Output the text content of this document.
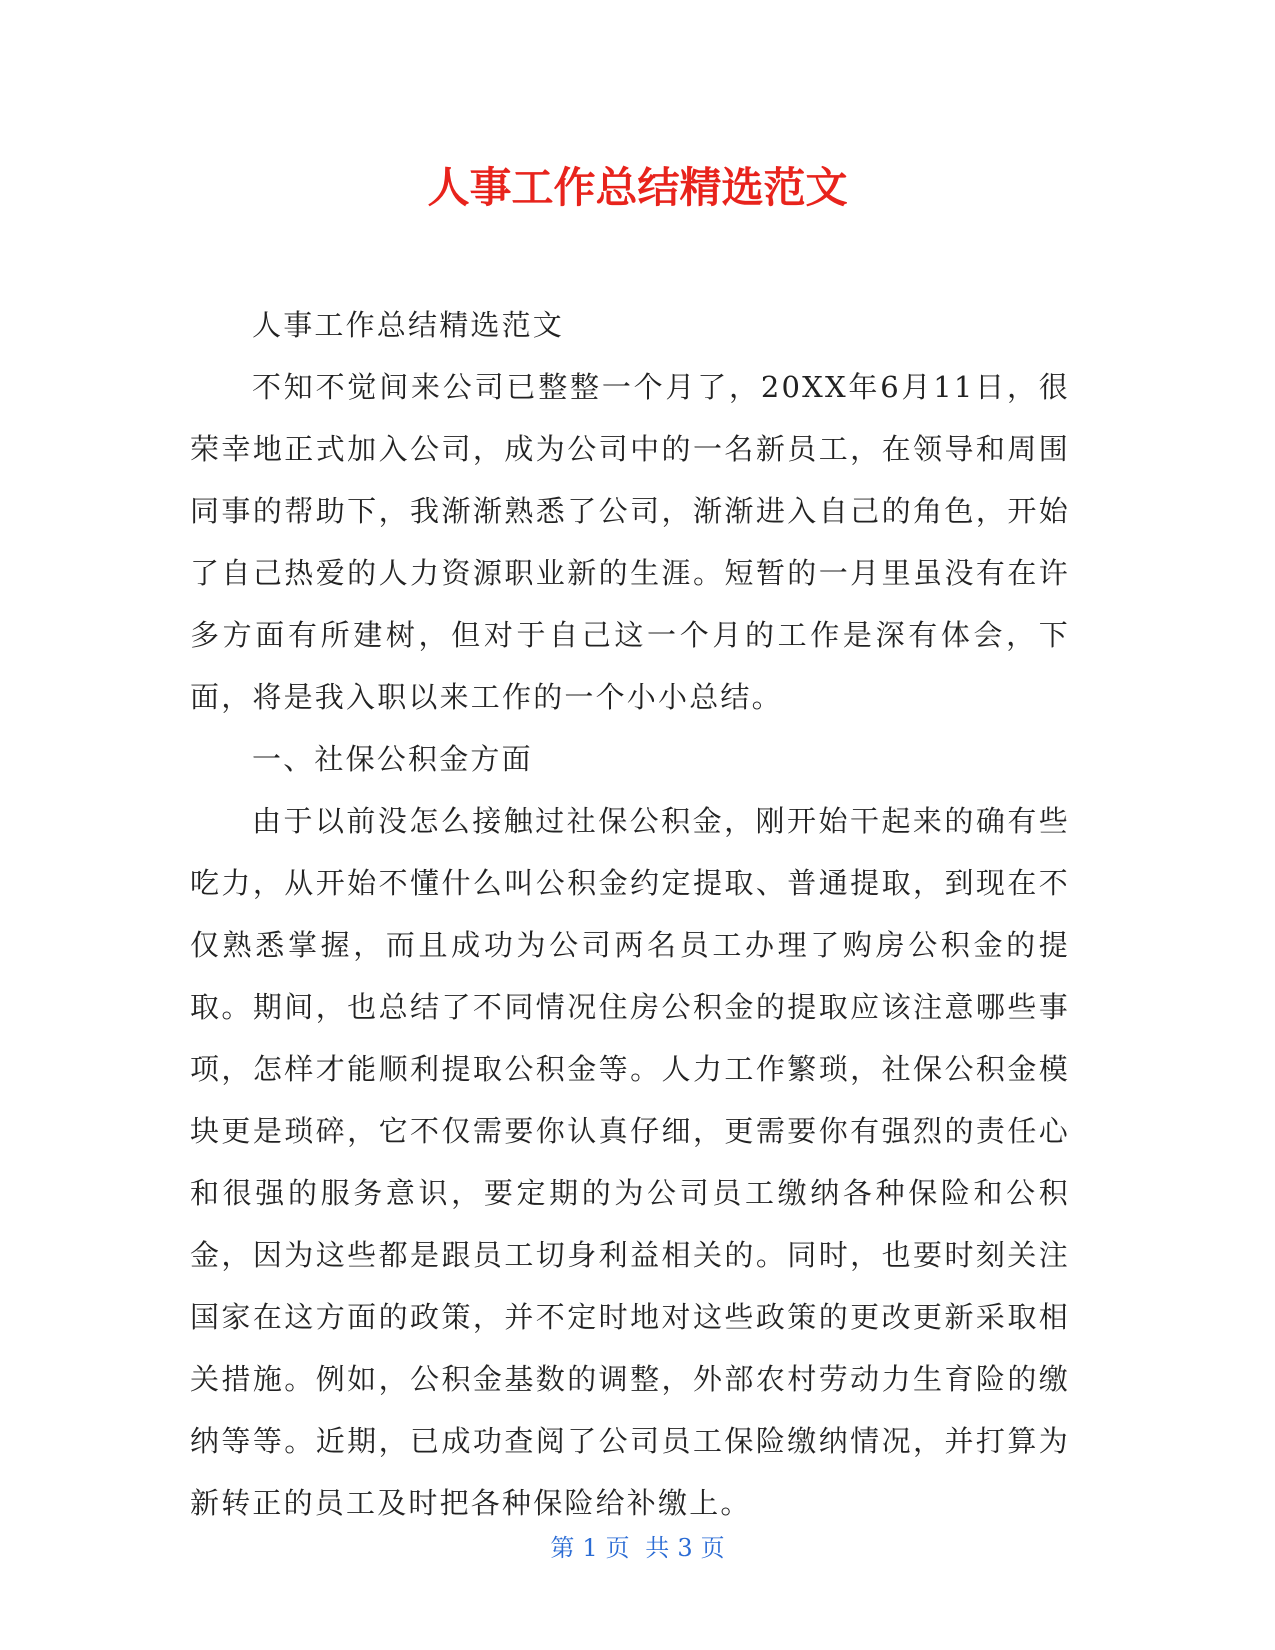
人事工作总结精选范文

人事工作总结精选范文

不知不觉间来公司已整整一个月了，20XX年6月11日，很荣幸地正式加入公司，成为公司中的一名新员工，在领导和周围同事的帮助下，我渐渐熟悉了公司，渐渐进入自己的角色，开始了自己热爱的人力资源职业新的生涯。短暂的一月里虽没有在许多方面有所建树，但对于自己这一个月的工作是深有体会，下面，将是我入职以来工作的一个小小总结。

一、社保公积金方面

由于以前没怎么接触过社保公积金，刚开始干起来的确有些吃力，从开始不懂什么叫公积金约定提取、普通提取，到现在不仅熟悉掌握，而且成功为公司两名员工办理了购房公积金的提取。期间，也总结了不同情况住房公积金的提取应该注意哪些事项，怎样才能顺利提取公积金等。人力工作繁琐，社保公积金模块更是琐碎，它不仅需要你认真仔细，更需要你有强烈的责任心和很强的服务意识，要定期的为公司员工缴纳各种保险和公积金，因为这些都是跟员工切身利益相关的。同时，也要时刻关注国家在这方面的政策，并不定时地对这些政策的更改更新采取相关措施。例如，公积金基数的调整，外部农村劳动力生育险的缴纳等等。近期，已成功查阅了公司员工保险缴纳情况，并打算为新转正的员工及时把各种保险给补缴上。

第 1 页 共 3 页
